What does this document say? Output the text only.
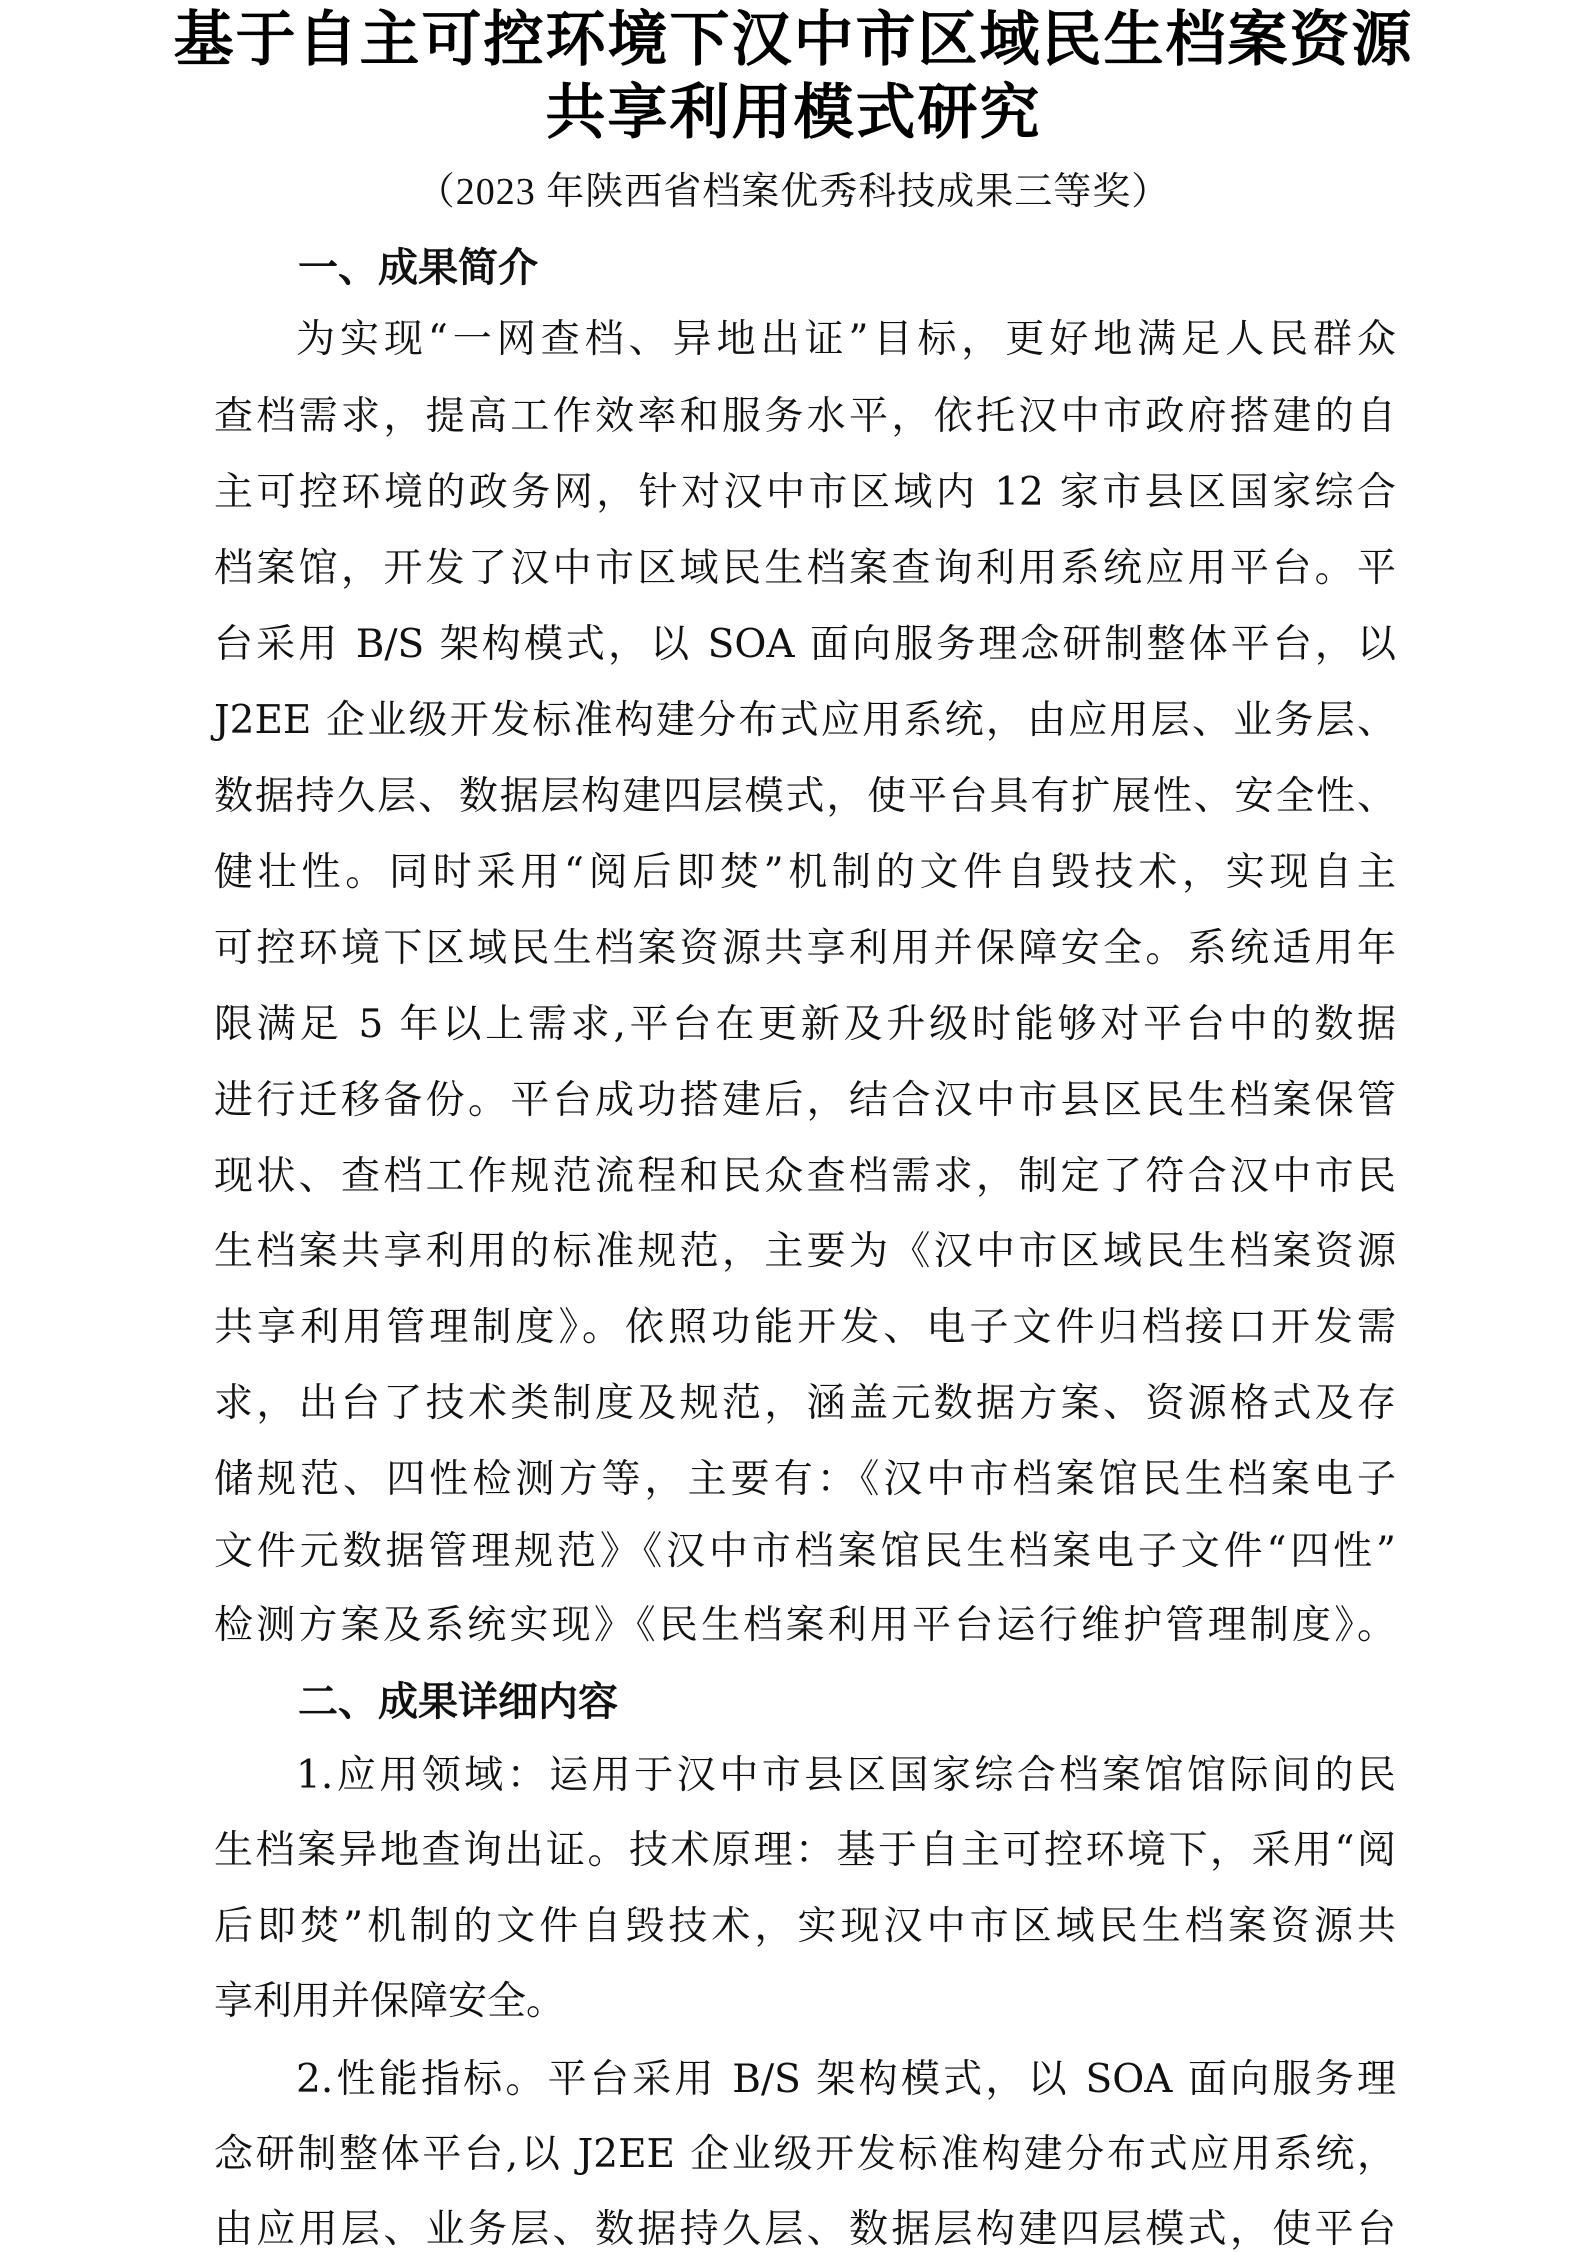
基于自主可控环境下汉中市区域民生档案资源
共享利用模式研究
（2023 年陕西省档案优秀科技成果三等奖）
一、成果简介
为实现“一网查档、异地出证”目标，更好地满足人民群众
查档需求，提高工作效率和服务水平，依托汉中市政府搭建的自
主可控环境的政务网，针对汉中市区域内 12 家市县区国家综合
档案馆，开发了汉中市区域民生档案查询利用系统应用平台。平
台采用 B/S 架构模式，以 SOA 面向服务理念研制整体平台，以
J2EE 企业级开发标准构建分布式应用系统，由应用层、业务层、
数据持久层、数据层构建四层模式，使平台具有扩展性、安全性、
健壮性。同时采用“阅后即焚”机制的文件自毁技术，实现自主
可控环境下区域民生档案资源共享利用并保障安全。系统适用年
限满足 5 年以上需求,平台在更新及升级时能够对平台中的数据
进行迁移备份。平台成功搭建后，结合汉中市县区民生档案保管
现状、查档工作规范流程和民众查档需求，制定了符合汉中市民
生档案共享利用的标准规范，主要为《汉中市区域民生档案资源
共享利用管理制度》。依照功能开发、电子文件归档接口开发需
求，出台了技术类制度及规范，涵盖元数据方案、资源格式及存
储规范、四性检测方等，主要有：《汉中市档案馆民生档案电子
文件元数据管理规范》《汉中市档案馆民生档案电子文件“四性”
检测方案及系统实现》《民生档案利用平台运行维护管理制度》。
二、成果详细内容
1.应用领域：运用于汉中市县区国家综合档案馆馆际间的民
生档案异地查询出证。技术原理：基于自主可控环境下，采用“阅
后即焚”机制的文件自毁技术，实现汉中市区域民生档案资源共
享利用并保障安全。
2.性能指标。平台采用 B/S 架构模式，以 SOA 面向服务理
念研制整体平台,以 J2EE 企业级开发标准构建分布式应用系统，
由应用层、业务层、数据持久层、数据层构建四层模式，使平台
